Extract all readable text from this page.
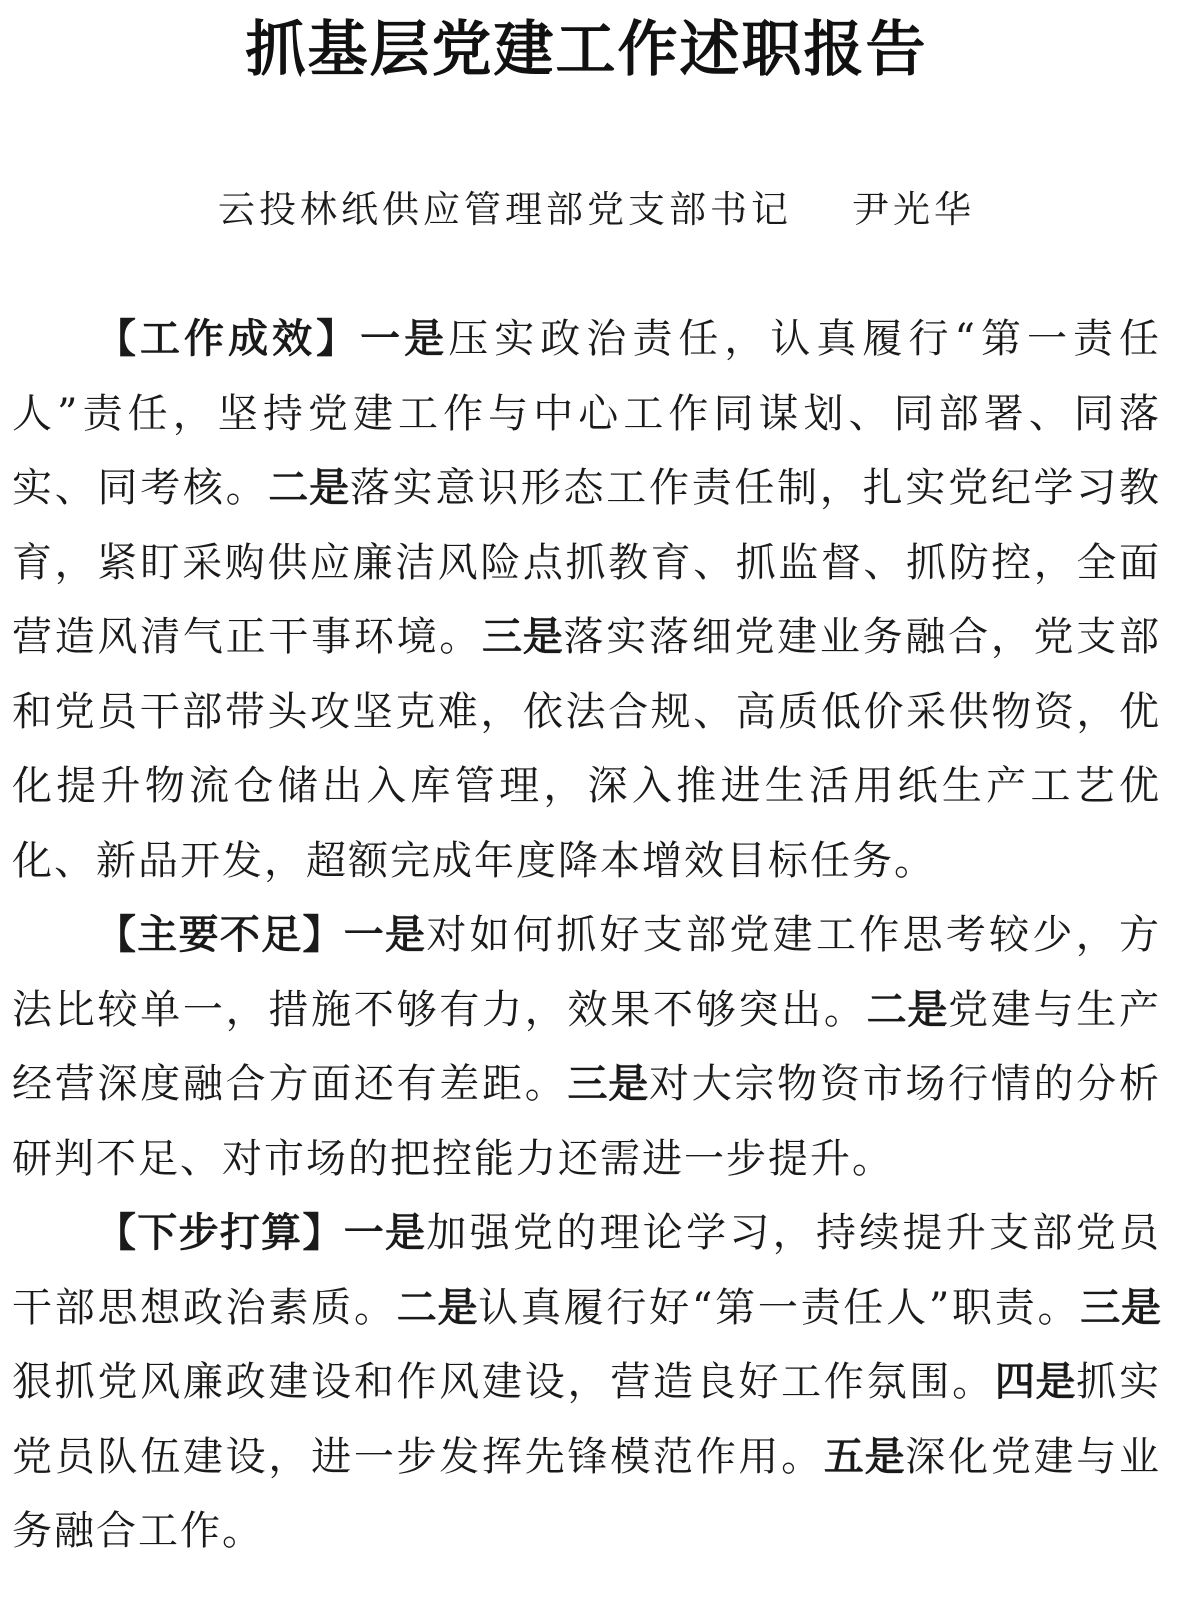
抓基层党建工作述职报告
云投林纸供应管理部党支部书记 尹光华

【工作成效】一是压实政治责任，认真履行“第一责任人”责任，坚持党建工作与中心工作同谋划、同部署、同落实、同考核。二是落实意识形态工作责任制，扎实党纪学习教育，紧盯采购供应廉洁风险点抓教育、抓监督、抓防控，全面营造风清气正干事环境。三是落实落细党建业务融合，党支部和党员干部带头攻坚克难，依法合规、高质低价采供物资，优化提升物流仓储出入库管理，深入推进生活用纸生产工艺优化、新品开发，超额完成年度降本增效目标任务。

【主要不足】一是对如何抓好支部党建工作思考较少，方法比较单一，措施不够有力，效果不够突出。二是党建与生产经营深度融合方面还有差距。三是对大宗物资市场行情的分析研判不足、对市场的把控能力还需进一步提升。

【下步打算】一是加强党的理论学习，持续提升支部党员干部思想政治素质。二是认真履行好“第一责任人”职责。三是狠抓党风廉政建设和作风建设，营造良好工作氛围。四是抓实党员队伍建设，进一步发挥先锋模范作用。五是深化党建与业务融合工作。
